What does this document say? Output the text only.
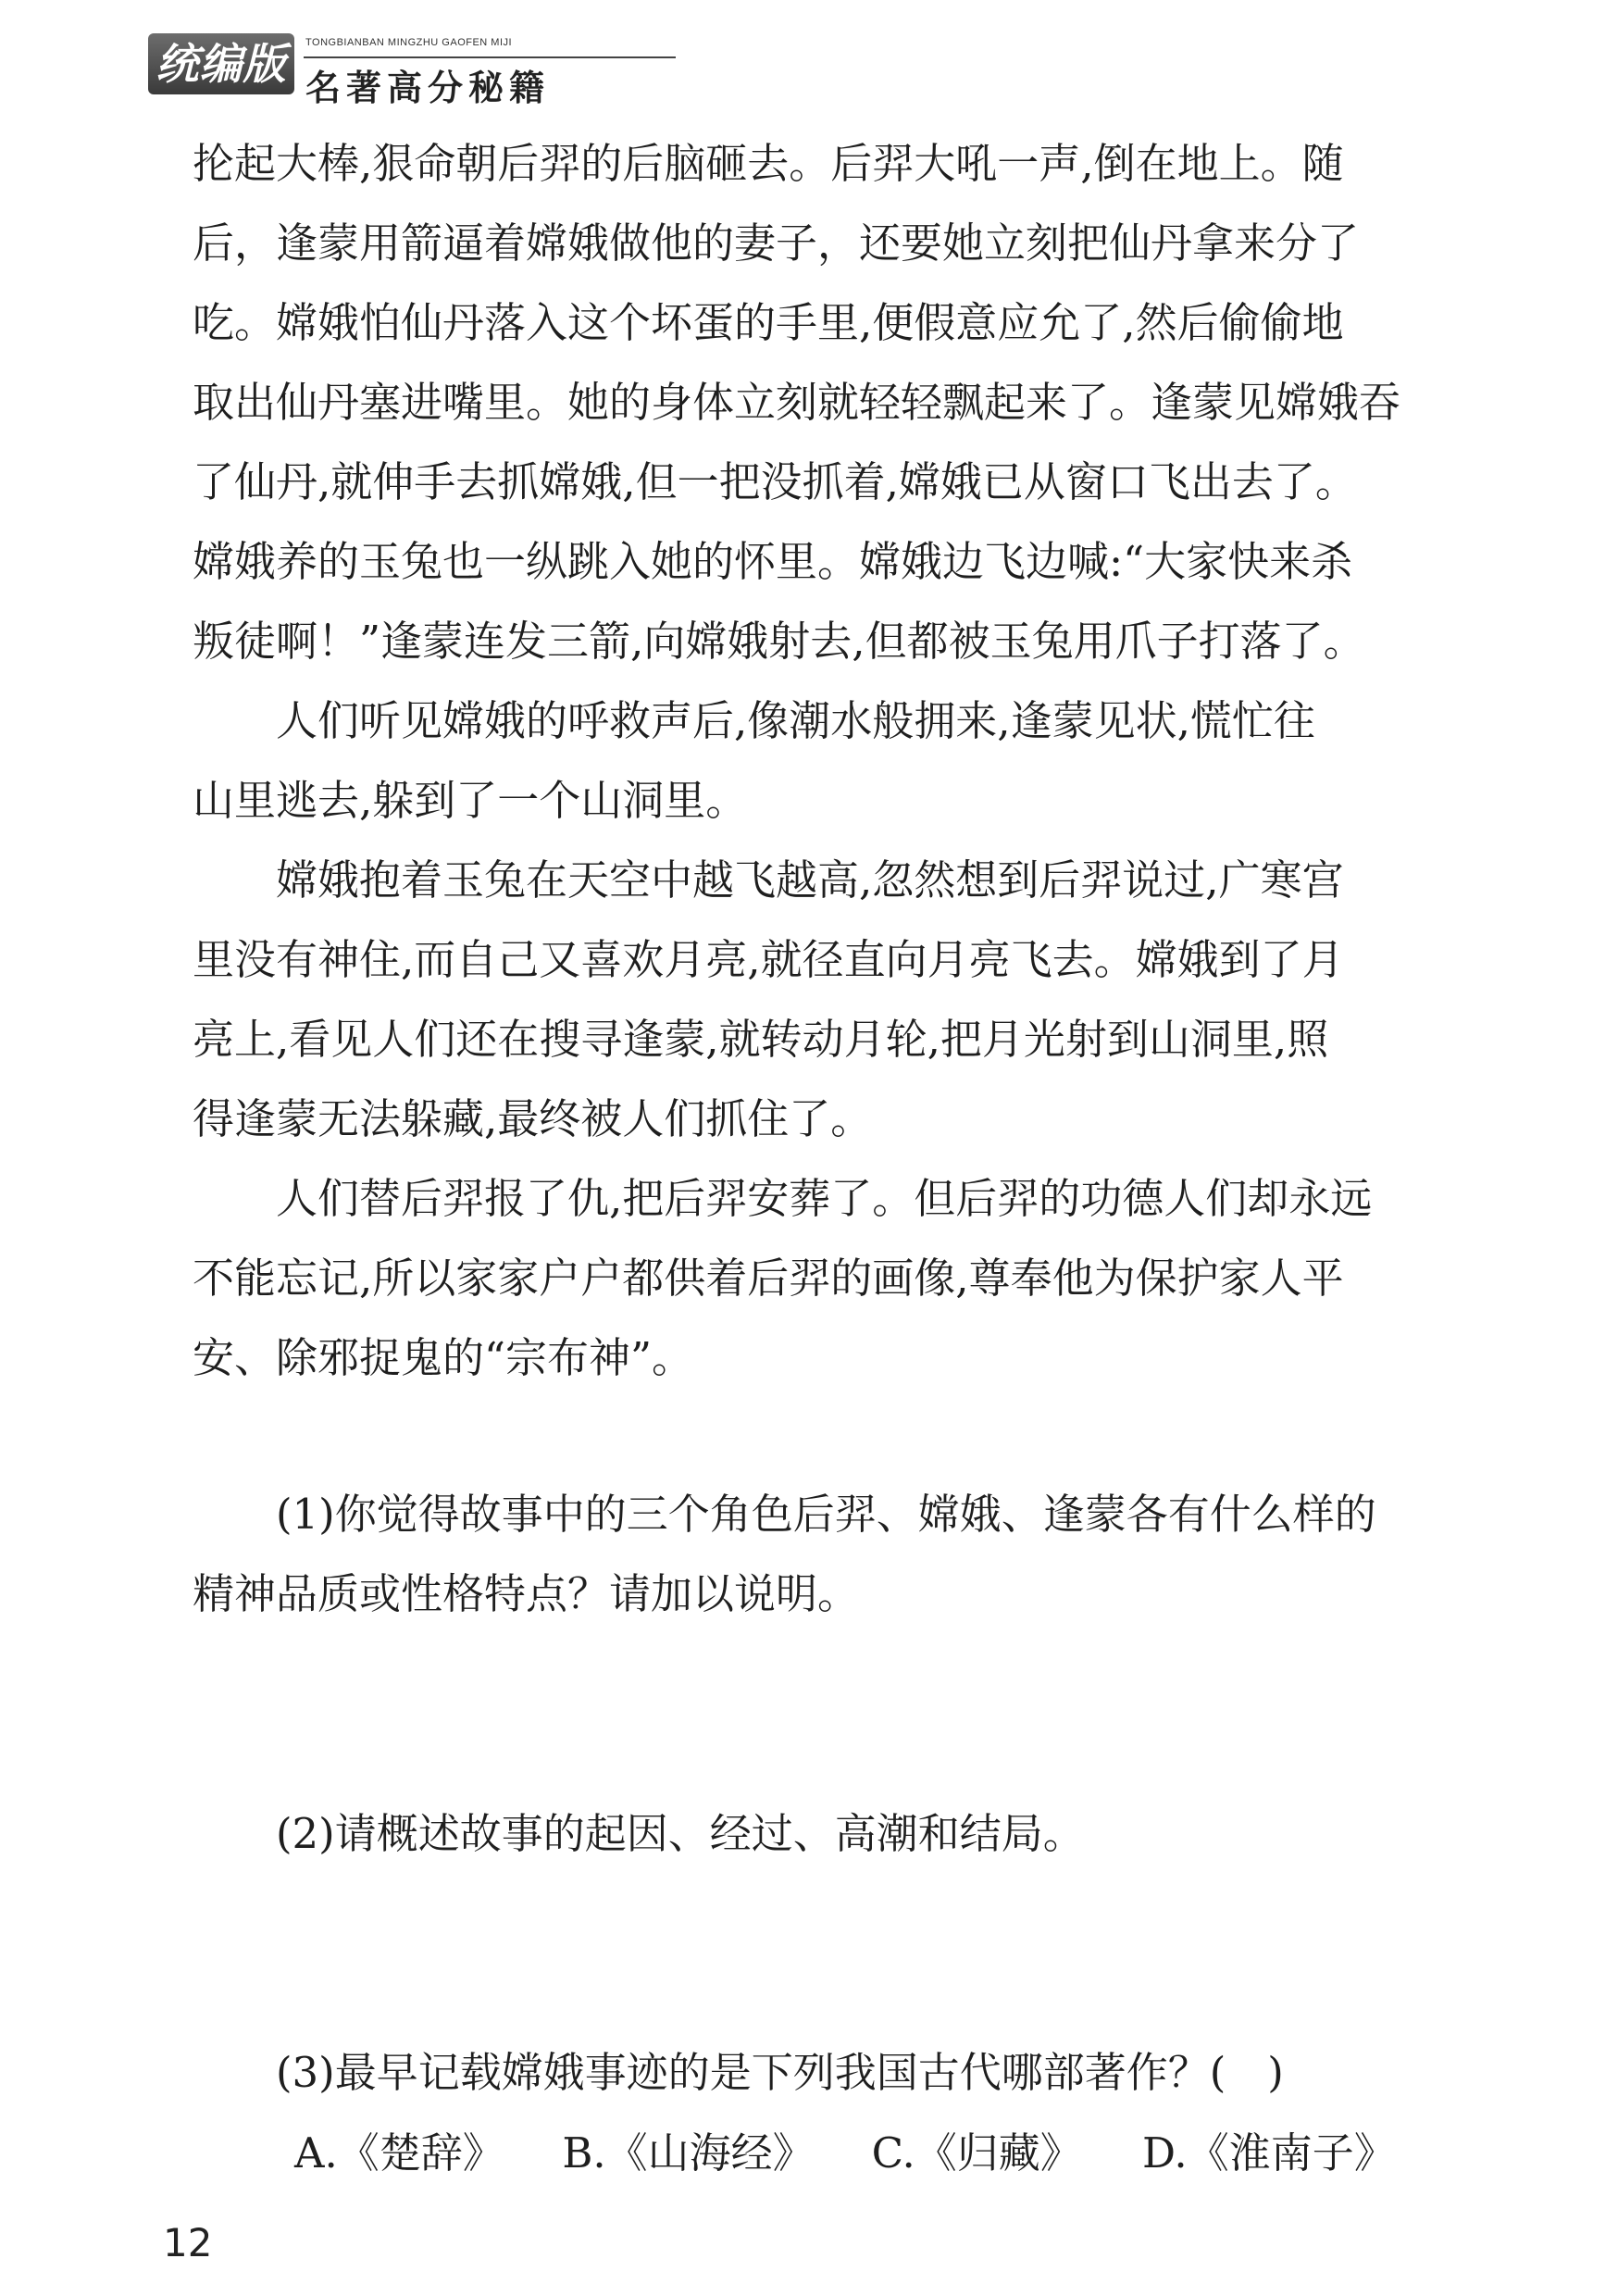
统编版	TONGBIANBAN MINGZHU GAOFEN MIJI
名著高分秘籍
抡起大棒,狠命朝后羿的后脑砸去。后羿大吼一声,倒在地上。随
后，逢蒙用箭逼着嫦娥做他的妻子，还要她立刻把仙丹拿来分了
吃。嫦娥怕仙丹落入这个坏蛋的手里,便假意应允了,然后偷偷地
取出仙丹塞进嘴里。她的身体立刻就轻轻飘起来了。逢蒙见嫦娥吞
了仙丹,就伸手去抓嫦娥,但一把没抓着,嫦娥已从窗口飞出去了。
嫦娥养的玉兔也一纵跳入她的怀里。嫦娥边飞边喊:“大家快来杀
叛徒啊！”逢蒙连发三箭,向嫦娥射去,但都被玉兔用爪子打落了。
　　人们听见嫦娥的呼救声后,像潮水般拥来,逢蒙见状,慌忙往
山里逃去,躲到了一个山洞里。
　　嫦娥抱着玉兔在天空中越飞越高,忽然想到后羿说过,广寒宫
里没有神住,而自己又喜欢月亮,就径直向月亮飞去。嫦娥到了月
亮上,看见人们还在搜寻逢蒙,就转动月轮,把月光射到山洞里,照
得逢蒙无法躲藏,最终被人们抓住了。
　　人们替后羿报了仇,把后羿安葬了。但后羿的功德人们却永远
不能忘记,所以家家户户都供着后羿的画像,尊奉他为保护家人平
安、除邪捉鬼的“宗布神”。
　　(1)你觉得故事中的三个角色后羿、嫦娥、逢蒙各有什么样的
精神品质或性格特点？请加以说明。
　　(2)请概述故事的起因、经过、高潮和结局。
　　(3)最早记载嫦娥事迹的是下列我国古代哪部著作？(　)
A.《楚辞》 B.《山海经》 C.《归藏》 D.《淮南子》
12
